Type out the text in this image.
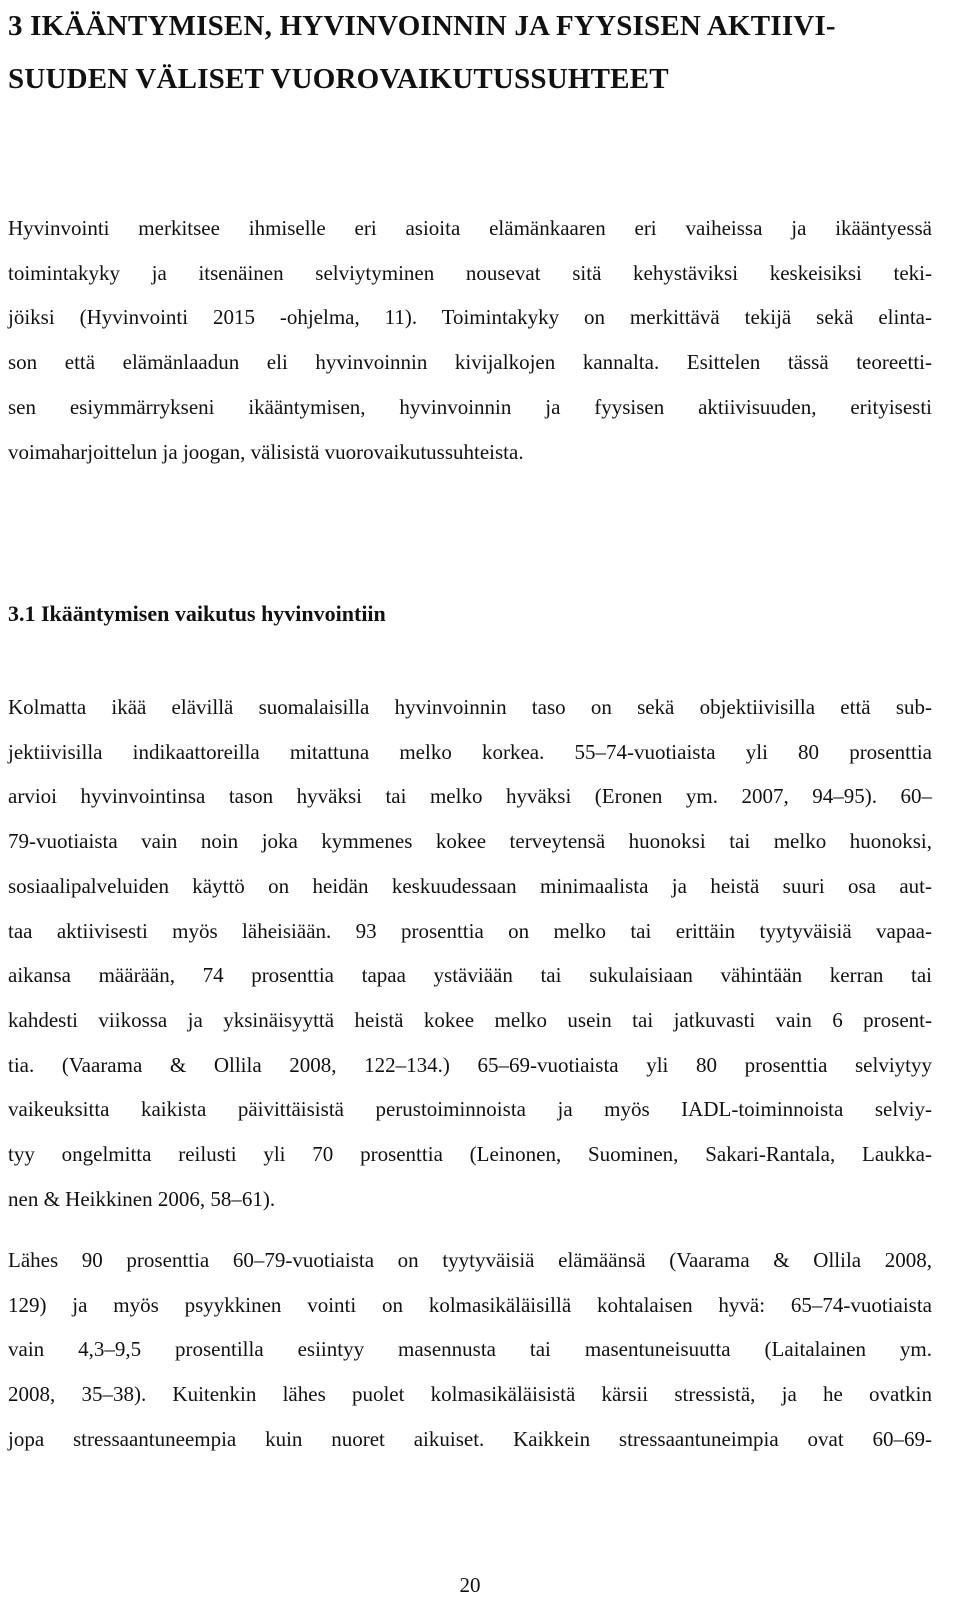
3 IKÄÄNTYMISEN, HYVINVOINNIN JA FYYSISEN AKTIIVI-
SUUDEN VÄLISET VUOROVAIKUTUSSUHTEET

Hyvinvointi merkitsee ihmiselle eri asioita elämänkaaren eri vaiheissa ja ikääntyessä
toimintakyky ja itsenäinen selviytyminen nousevat sitä kehystäviksi keskeisiksi teki-
jöiksi (Hyvinvointi 2015 -ohjelma, 11). Toimintakyky on merkittävä tekijä sekä elinta-
son että elämänlaadun eli hyvinvoinnin kivijalkojen kannalta. Esittelen tässä teoreetti-
sen esiymmärrykseni ikääntymisen, hyvinvoinnin ja fyysisen aktiivisuuden, erityisesti
voimaharjoittelun ja joogan, välisistä vuorovaikutussuhteista.

3.1 Ikääntymisen vaikutus hyvinvointiin

Kolmatta ikää elävillä suomalaisilla hyvinvoinnin taso on sekä objektiivisilla että sub-
jektiivisilla indikaattoreilla mitattuna melko korkea. 55–74-vuotiaista yli 80 prosenttia
arvioi hyvinvointinsa tason hyväksi tai melko hyväksi (Eronen ym. 2007, 94–95). 60–
79-vuotiaista vain noin joka kymmenes kokee terveytensä huonoksi tai melko huonoksi,
sosiaalipalveluiden käyttö on heidän keskuudessaan minimaalista ja heistä suuri osa aut-
taa aktiivisesti myös läheisiään. 93 prosenttia on melko tai erittäin tyytyväisiä vapaa-
aikansa määrään, 74 prosenttia tapaa ystäviään tai sukulaisiaan vähintään kerran tai
kahdesti viikossa ja yksinäisyyttä heistä kokee melko usein tai jatkuvasti vain 6 prosent-
tia. (Vaarama & Ollila 2008, 122–134.) 65–69-vuotiaista yli 80 prosenttia selviytyy
vaikeuksitta kaikista päivittäisistä perustoiminnoista ja myös IADL-toiminnoista selviy-
tyy ongelmitta reilusti yli 70 prosenttia (Leinonen, Suominen, Sakari-Rantala, Laukka-
nen & Heikkinen 2006, 58–61).

Lähes 90 prosenttia 60–79-vuotiaista on tyytyväisiä elämäänsä (Vaarama & Ollila 2008,
129) ja myös psyykkinen vointi on kolmasikäläisillä kohtalaisen hyvä: 65–74-vuotiaista
vain 4,3–9,5 prosentilla esiintyy masennusta tai masentuneisuutta (Laitalainen ym.
2008, 35–38). Kuitenkin lähes puolet kolmasikäläisistä kärsii stressistä, ja he ovatkin
jopa stressaantuneempia kuin nuoret aikuiset. Kaikkein stressaantuneimpia ovat 60–69-

20
